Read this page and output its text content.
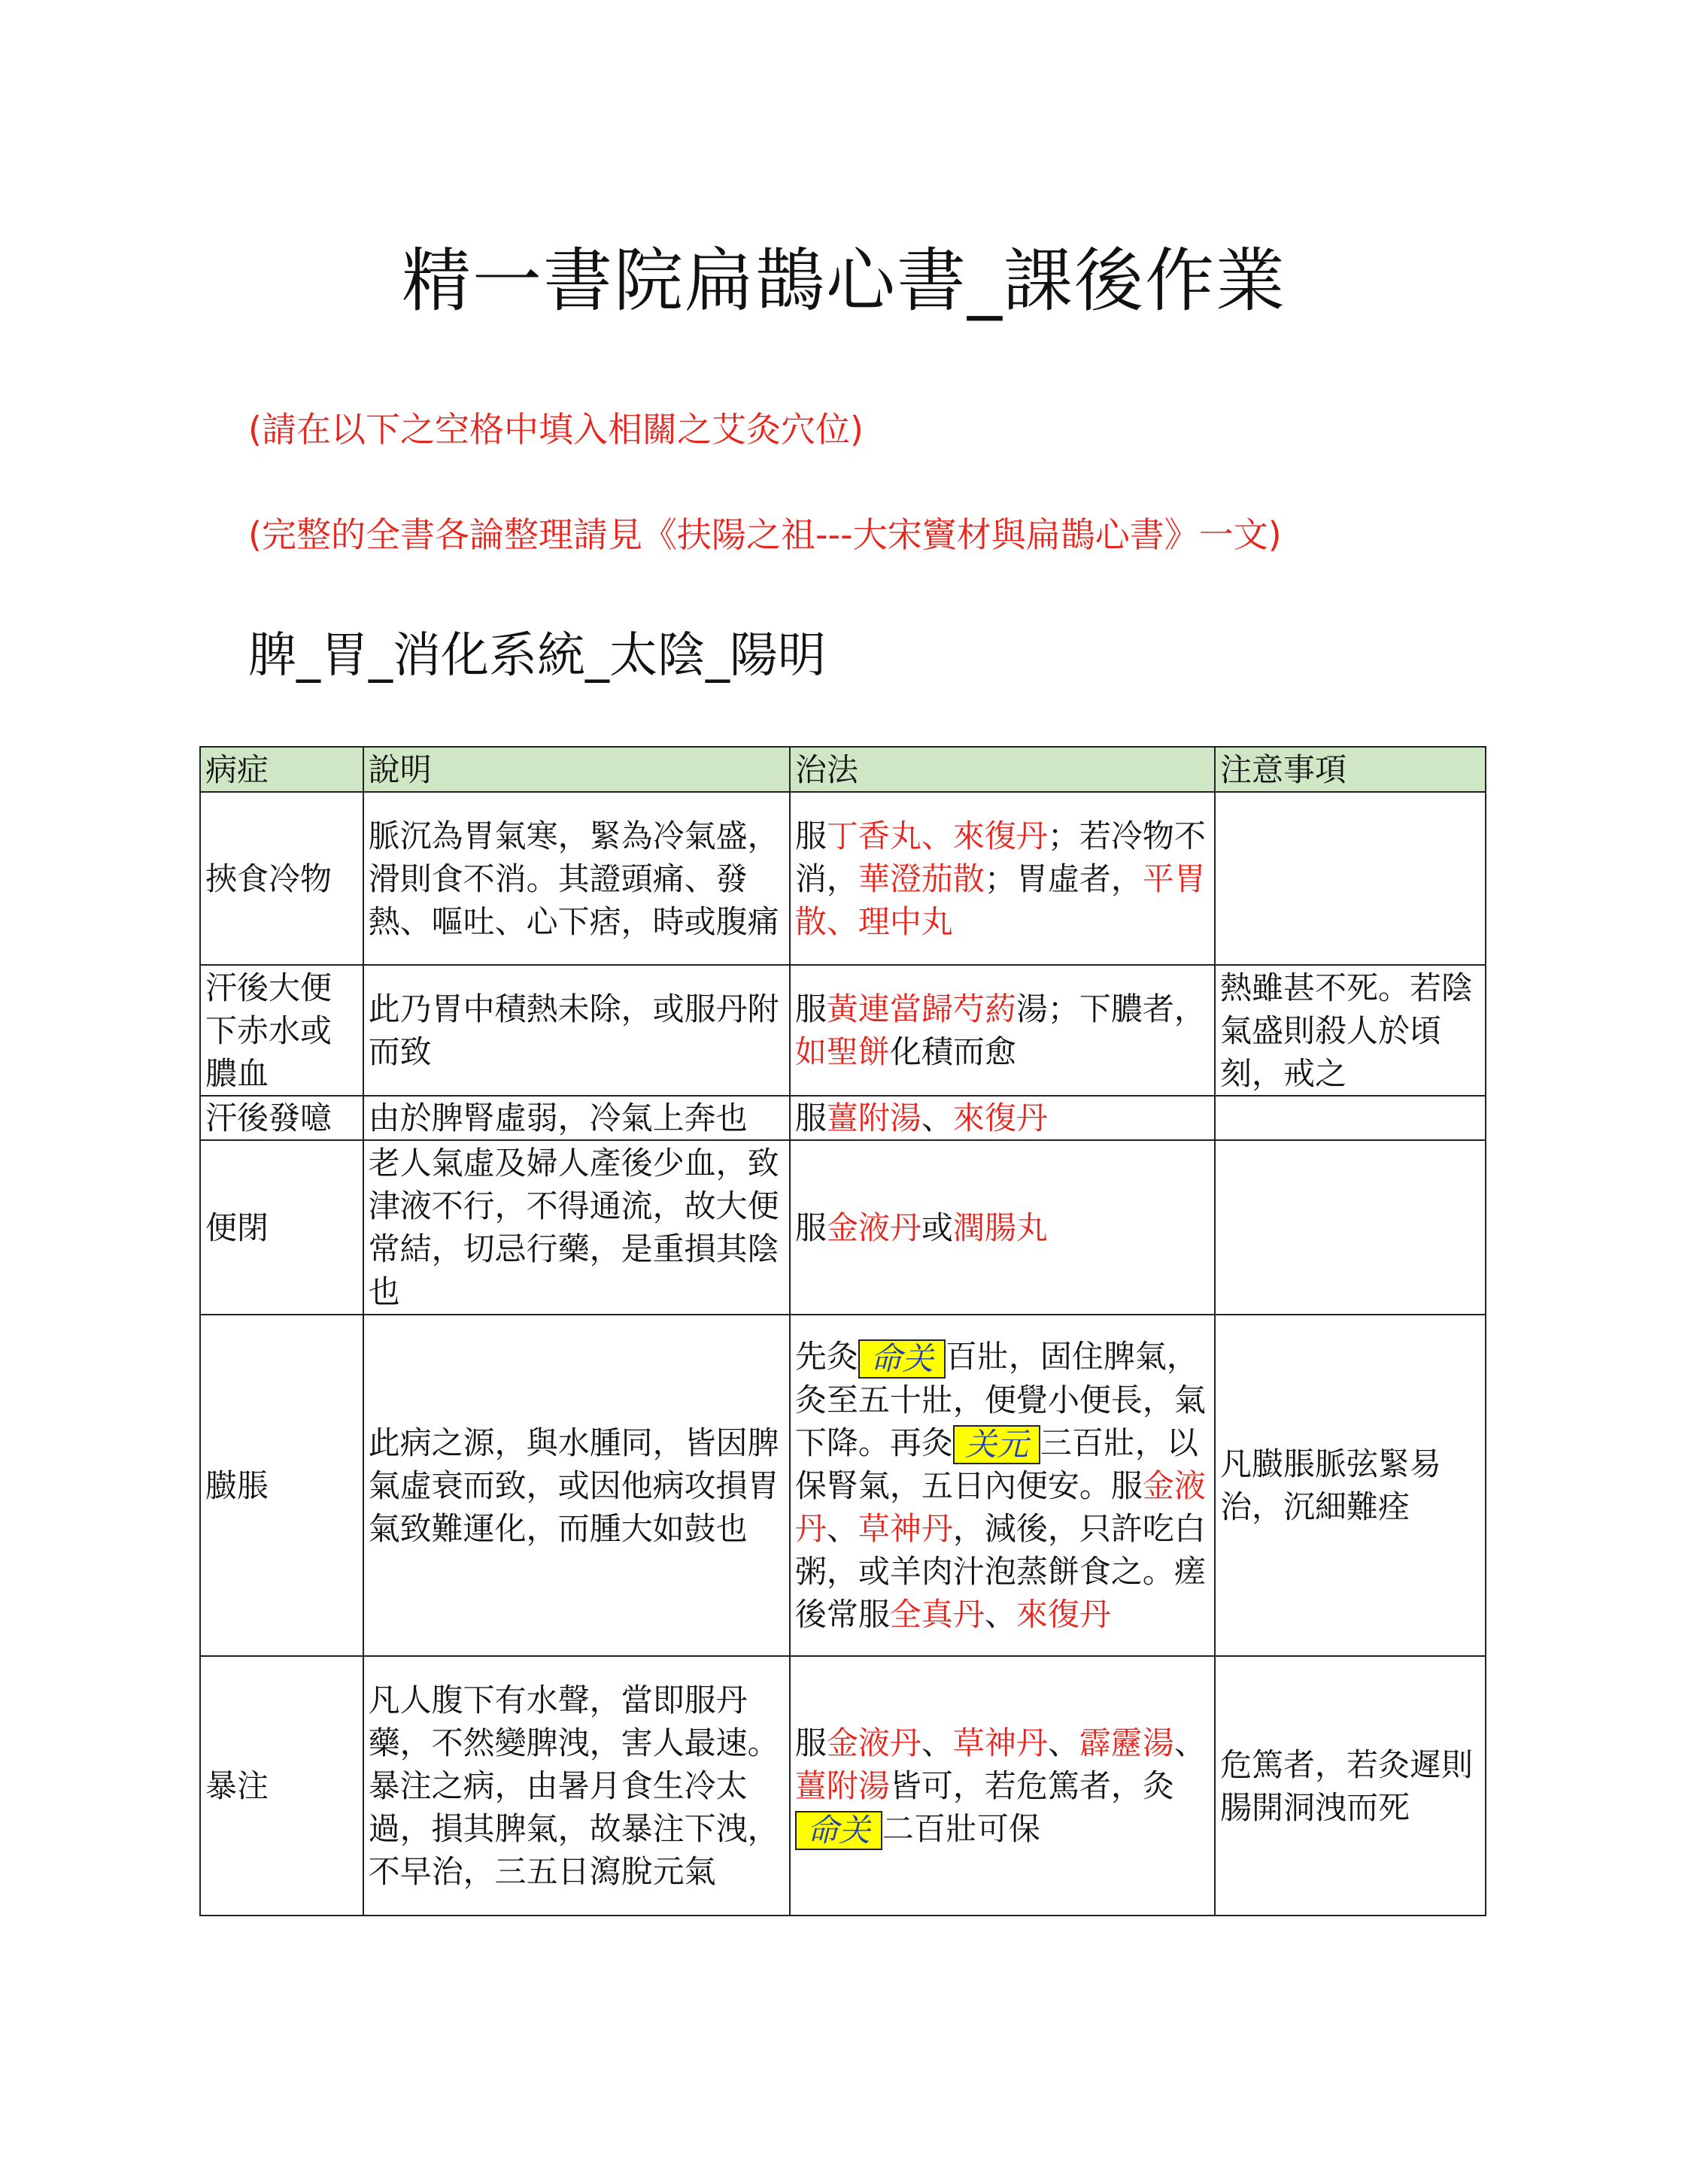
精一書院扁鵲心書_課後作業
(請在以下之空格中填入相關之艾灸穴位)
(完整的全書各論整理請見《扶陽之祖---大宋竇材與扁鵲心書》一文)
脾_胃_消化系統_太陰_陽明
病症	說明	治法	注意事項
挾食冷物	脈沉為胃氣寒，緊為冷氣盛，滑則食不消。其證頭痛、發熱、嘔吐、心下痞，時或腹痛	服丁香丸、來復丹；若冷物不消，華澄茄散；胃虛者，平胃散、理中丸	
汗後大便下赤水或膿血	此乃胃中積熱未除，或服丹附而致	服黃連當歸芍葯湯；下膿者，如聖餅化積而愈	熱雖甚不死。若陰氣盛則殺人於頃刻，戒之
汗後發噫	由於脾腎虛弱，冷氣上奔也	服薑附湯、來復丹	
便閉	老人氣虛及婦人產後少血，致津液不行，不得通流，故大便常結，切忌行藥，是重損其陰也	服金液丹或潤腸丸	
臌脹	此病之源，與水腫同，皆因脾氣虛衰而致，或因他病攻損胃氣致難運化，而腫大如鼓也	先灸 命关 百壯，固住脾氣，灸至五十壯，便覺小便長，氣下降。再灸 关元 三百壯，以保腎氣，五日內便安。服金液丹、草神丹，減後，只許吃白粥，或羊肉汁泡蒸餅食之。瘥後常服全真丹、來復丹	凡臌脹脈弦緊易治，沉細難痊
暴注	凡人腹下有水聲，當即服丹藥，不然變脾洩，害人最速。暴注之病，由暑月食生冷太過，損其脾氣，故暴注下洩，不早治，三五日瀉脫元氣	服金液丹、草神丹、霹靂湯、薑附湯皆可，若危篤者，灸命关 二百壯可保	危篤者，若灸遲則腸開洞洩而死
